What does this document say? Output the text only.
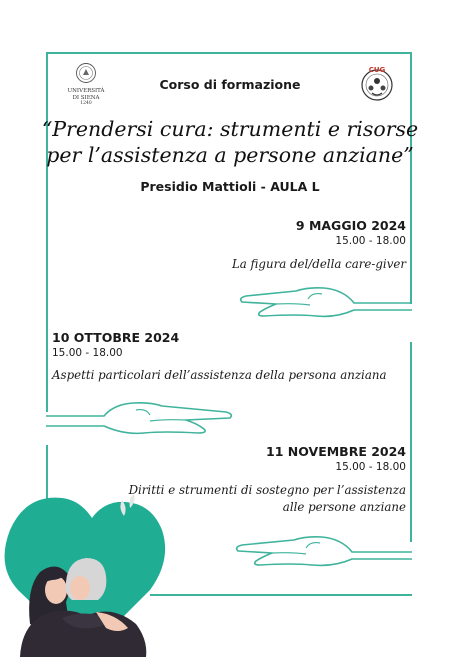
UNIVERSITÀ
DI SIENA
1240
CUG
Corso di formazione
“Prendersi cura: strumenti e risorse
per l’assistenza a persone anziane”
Presidio Mattioli - AULA L
9 MAGGIO 2024
15.00 - 18.00
La figura del/della care-giver
10 OTTOBRE 2024
15.00 - 18.00
Aspetti particolari dell’assistenza della persona anziana
11 NOVEMBRE 2024
15.00 - 18.00
Diritti e strumenti di sostegno per l’assistenza
alle persone anziane
